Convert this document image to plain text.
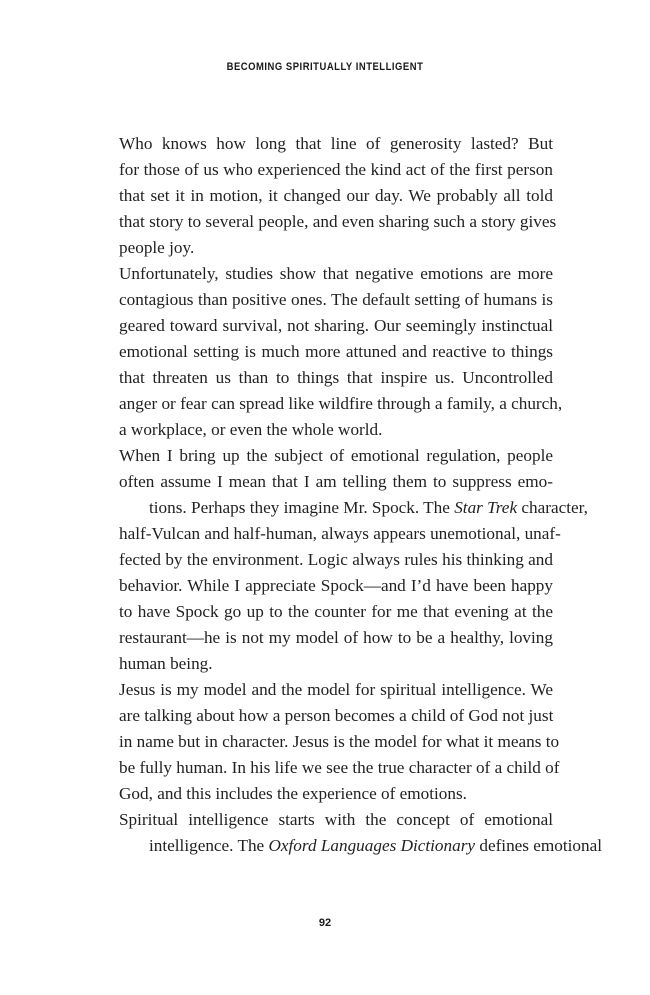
BECOMING SPIRITUALLY INTELLIGENT
Who knows how long that line of generosity lasted? But
for those of us who experienced the kind act of the first person
that set it in motion, it changed our day. We probably all told
that story to several people, and even sharing such a story gives
people joy.
Unfortunately, studies show that negative emotions are more
contagious than positive ones. The default setting of humans is
geared toward survival, not sharing. Our seemingly instinctual
emotional setting is much more attuned and reactive to things
that threaten us than to things that inspire us. Uncontrolled
anger or fear can spread like wildfire through a family, a church,
a workplace, or even the whole world.
When I bring up the subject of emotional regulation, people
often assume I mean that I am telling them to suppress emo-
tions. Perhaps they imagine Mr. Spock. The Star Trek character,
half-Vulcan and half-human, always appears unemotional, unaf-
fected by the environment. Logic always rules his thinking and
behavior. While I appreciate Spock—and I’d have been happy
to have Spock go up to the counter for me that evening at the
restaurant—he is not my model of how to be a healthy, loving
human being.
Jesus is my model and the model for spiritual intelligence. We
are talking about how a person becomes a child of God not just
in name but in character. Jesus is the model for what it means to
be fully human. In his life we see the true character of a child of
God, and this includes the experience of emotions.
Spiritual intelligence starts with the concept of emotional
intelligence. The Oxford Languages Dictionary defines emotional
92
